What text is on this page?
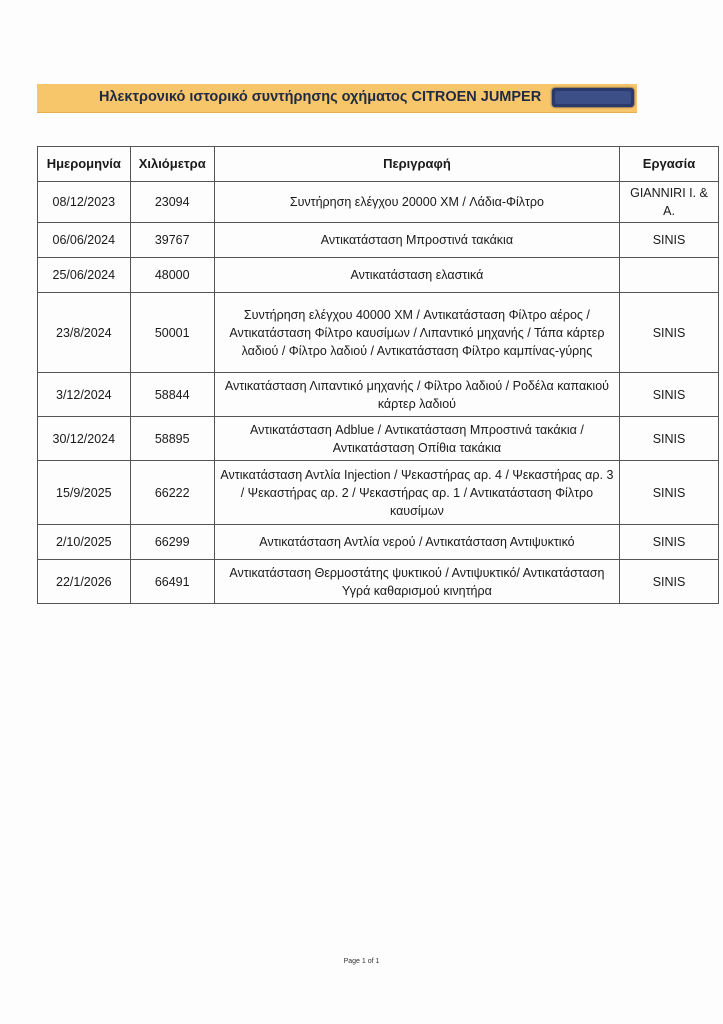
Ηλεκτρονικό ιστορικό συντήρησης οχήματος CITROEN JUMPER
Ημερομηνία	Χιλιόμετρα	Περιγραφή	Εργασία
08/12/2023	23094	Συντήρηση ελέγχου 20000 XM / Λάδια-Φίλτρο	GIANNIRI I. & A.
06/06/2024	39767	Αντικατάσταση Μπροστινά τακάκια	SINIS
25/06/2024	48000	Αντικατάσταση ελαστικά	
23/8/2024	50001	Συντήρηση ελέγχου 40000 XM / Αντικατάσταση Φίλτρο αέρος / Αντικατάσταση Φίλτρο καυσίμων / Λιπαντικό μηχανής / Τάπα κάρτερ λαδιού / Φίλτρο λαδιού / Αντικατάσταση Φίλτρο καμπίνας-γύρης	SINIS
3/12/2024	58844	Αντικατάσταση Λιπαντικό μηχανής / Φίλτρο λαδιού / Ροδέλα καπακιού κάρτερ λαδιού	SINIS
30/12/2024	58895	Αντικατάσταση Adblue / Αντικατάσταση Μπροστινά τακάκια / Αντικατάσταση Οπίθια τακάκια	SINIS
15/9/2025	66222	Αντικατάσταση Αντλία Injection / Ψεκαστήρας αρ. 4 / Ψεκαστήρας αρ. 3 / Ψεκαστήρας αρ. 2 / Ψεκαστήρας αρ. 1 / Αντικατάσταση Φίλτρο καυσίμων	SINIS
2/10/2025	66299	Αντικατάσταση Αντλία νερού / Αντικατάσταση Αντιψυκτικό	SINIS
22/1/2026	66491	Αντικατάσταση Θερμοστάτης ψυκτικού / Αντιψυκτικό/ Αντικατάσταση Υγρά καθαρισμού κινητήρα	SINIS
Page 1 of 1
